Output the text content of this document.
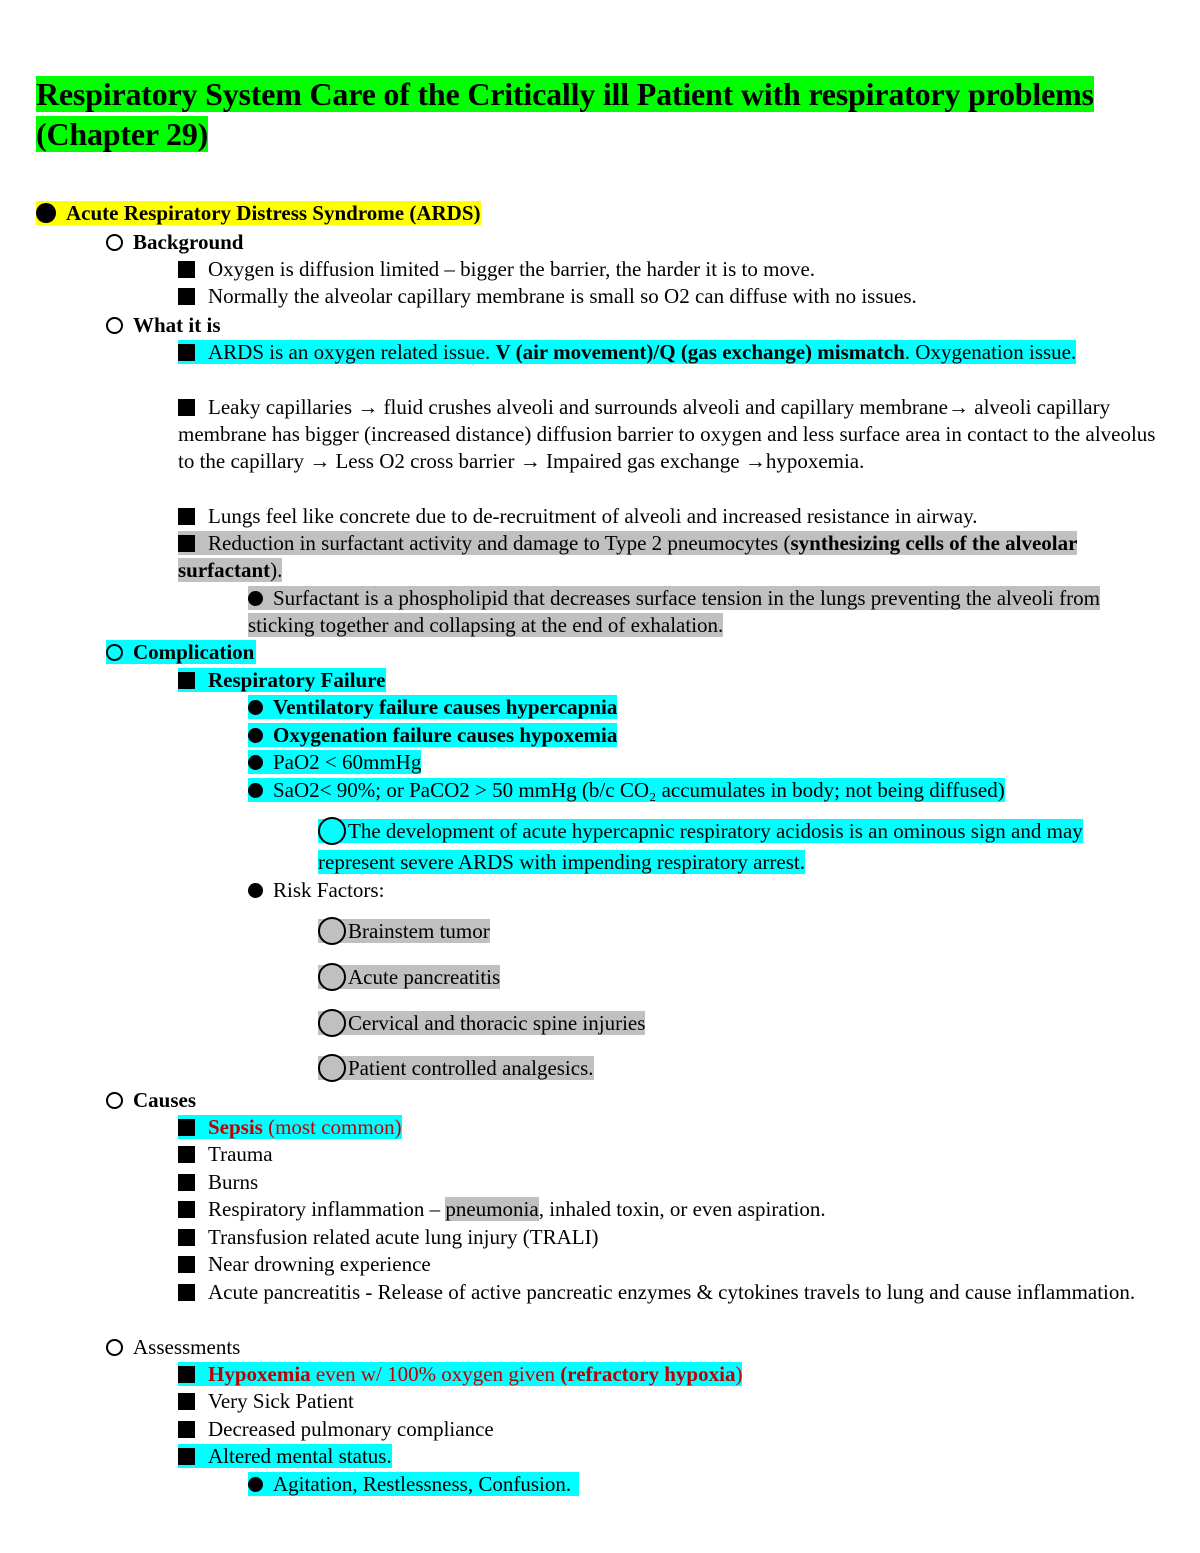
Respiratory System Care of the Critically ill Patient with respiratory problems (Chapter 29)
Acute Respiratory Distress Syndrome (ARDS)
Background
Oxygen is diffusion limited – bigger the barrier, the harder it is to move.
Normally the alveolar capillary membrane is small so O2 can diffuse with no issues.
What it is
ARDS is an oxygen related issue. V (air movement)/Q (gas exchange) mismatch. Oxygenation issue.
Leaky capillaries → fluid crushes alveoli and surrounds alveoli and capillary membrane→ alveoli capillary membrane has bigger (increased distance) diffusion barrier to oxygen and less surface area in contact to the alveolus to the capillary → Less O2 cross barrier → Impaired gas exchange →hypoxemia.
Lungs feel like concrete due to de-recruitment of alveoli and increased resistance in airway.
Reduction in surfactant activity and damage to Type 2 pneumocytes (synthesizing cells of the alveolar surfactant).
Surfactant is a phospholipid that decreases surface tension in the lungs preventing the alveoli from sticking together and collapsing at the end of exhalation.
Complication
Respiratory Failure
Ventilatory failure causes hypercapnia
Oxygenation failure causes hypoxemia
PaO2 < 60mmHg
SaO2< 90%; or PaCO2 > 50 mmHg (b/c CO₂ accumulates in body; not being diffused)
The development of acute hypercapnic respiratory acidosis is an ominous sign and may represent severe ARDS with impending respiratory arrest.
Risk Factors:
Brainstem tumor
Acute pancreatitis
Cervical and thoracic spine injuries
Patient controlled analgesics.
Causes
Sepsis (most common)
Trauma
Burns
Respiratory inflammation – pneumonia, inhaled toxin, or even aspiration.
Transfusion related acute lung injury (TRALI)
Near drowning experience
Acute pancreatitis - Release of active pancreatic enzymes & cytokines travels to lung and cause inflammation.
Assessments
Hypoxemia even w/ 100% oxygen given (refractory hypoxia)
Very Sick Patient
Decreased pulmonary compliance
Altered mental status.
Agitation, Restlessness, Confusion.
